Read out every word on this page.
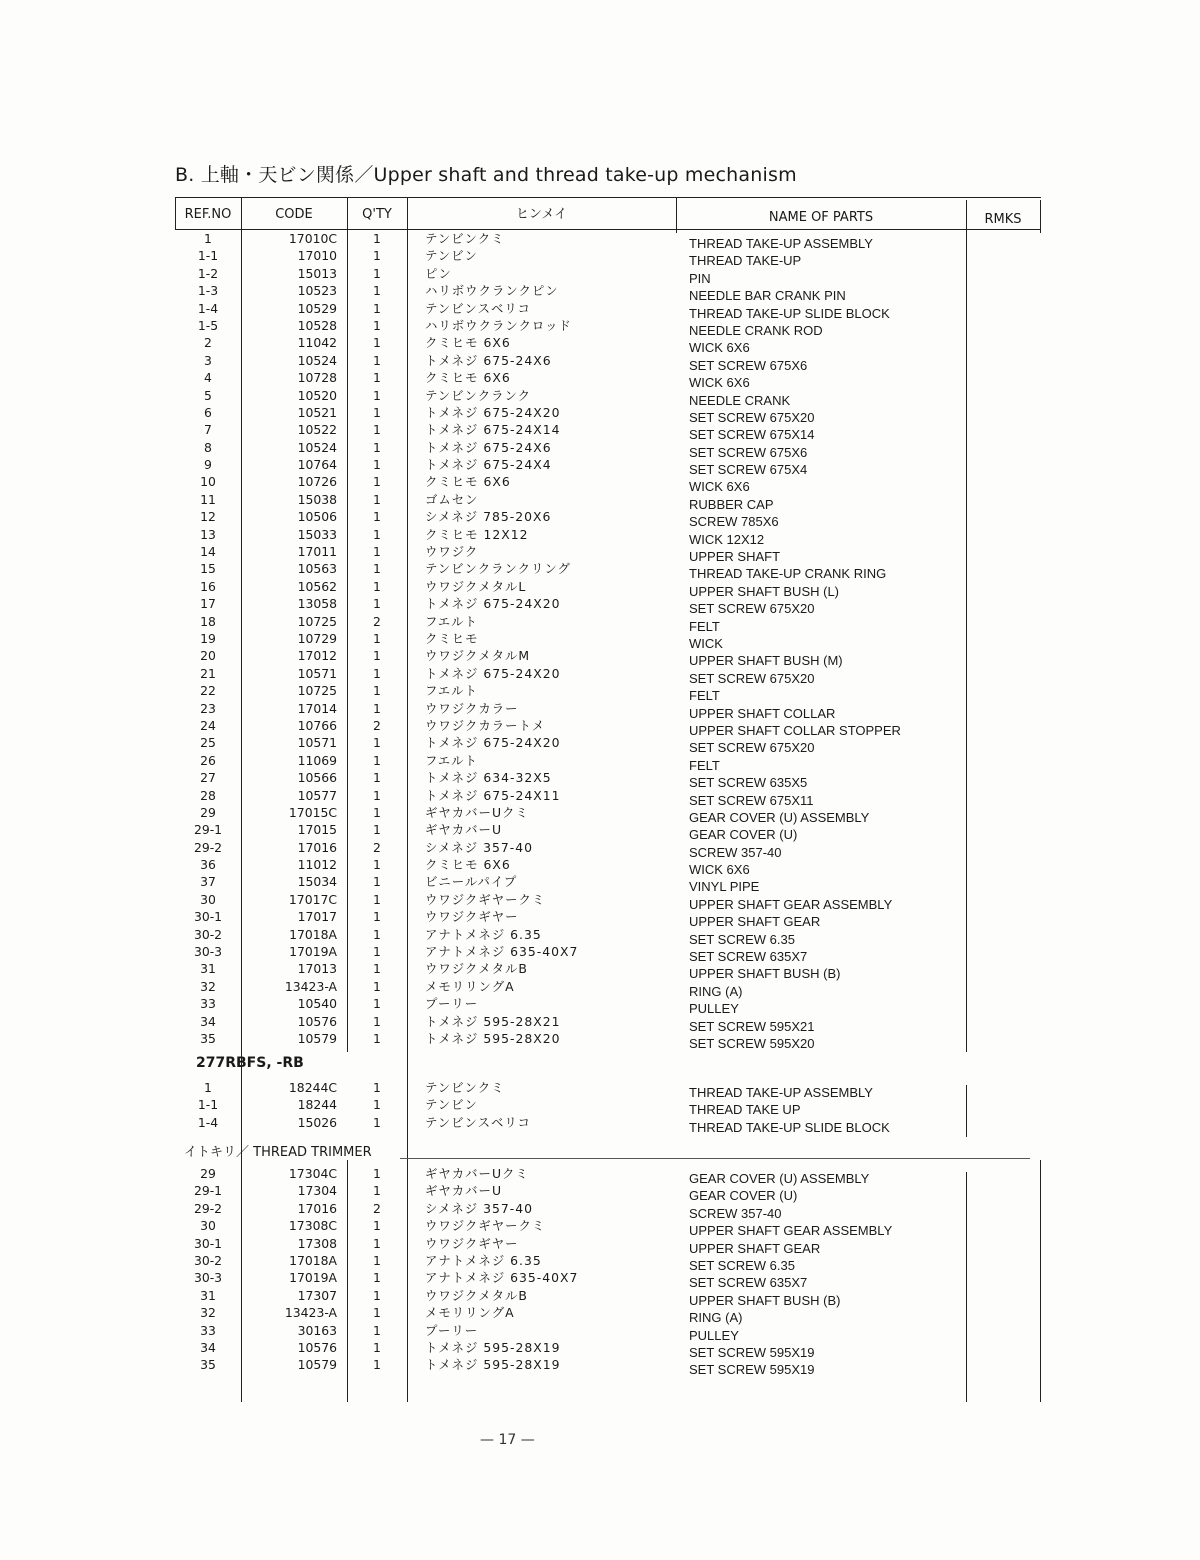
B. 上軸・天ビン関係／Upper shaft and thread take-up mechanism
REF.NO	CODE	Q'TY	ヒンメイ	NAME OF PARTS	RMKS
1	17010C	1	テンビンクミ	THREAD TAKE-UP ASSEMBLY
1-1	17010	1	テンビン	THREAD TAKE-UP
1-2	15013	1	ピン	PIN
1-3	10523	1	ハリボウクランクピン	NEEDLE BAR CRANK PIN
1-4	10529	1	テンビンスベリコ	THREAD TAKE-UP SLIDE BLOCK
1-5	10528	1	ハリボウクランクロッド	NEEDLE CRANK ROD
2	11042	1	クミヒモ 6X6	WICK 6X6
3	10524	1	トメネジ 675-24X6	SET SCREW 675X6
4	10728	1	クミヒモ 6X6	WICK 6X6
5	10520	1	テンビンクランク	NEEDLE CRANK
6	10521	1	トメネジ 675-24X20	SET SCREW 675X20
7	10522	1	トメネジ 675-24X14	SET SCREW 675X14
8	10524	1	トメネジ 675-24X6	SET SCREW 675X6
9	10764	1	トメネジ 675-24X4	SET SCREW 675X4
10	10726	1	クミヒモ 6X6	WICK 6X6
11	15038	1	ゴムセン	RUBBER CAP
12	10506	1	シメネジ 785-20X6	SCREW 785X6
13	15033	1	クミヒモ 12X12	WICK 12X12
14	17011	1	ウワジク	UPPER SHAFT
15	10563	1	テンビンクランクリング	THREAD TAKE-UP CRANK RING
16	10562	1	ウワジクメタルL	UPPER SHAFT BUSH (L)
17	13058	1	トメネジ 675-24X20	SET SCREW 675X20
18	10725	2	フエルト	FELT
19	10729	1	クミヒモ	WICK
20	17012	1	ウワジクメタルM	UPPER SHAFT BUSH (M)
21	10571	1	トメネジ 675-24X20	SET SCREW 675X20
22	10725	1	フエルト	FELT
23	17014	1	ウワジクカラー	UPPER SHAFT COLLAR
24	10766	2	ウワジクカラートメ	UPPER SHAFT COLLAR STOPPER
25	10571	1	トメネジ 675-24X20	SET SCREW 675X20
26	11069	1	フエルト	FELT
27	10566	1	トメネジ 634-32X5	SET SCREW 635X5
28	10577	1	トメネジ 675-24X11	SET SCREW 675X11
29	17015C	1	ギヤカバーUクミ	GEAR COVER (U) ASSEMBLY
29-1	17015	1	ギヤカバーU	GEAR COVER (U)
29-2	17016	2	シメネジ 357-40	SCREW 357-40
36	11012	1	クミヒモ 6X6	WICK 6X6
37	15034	1	ビニールパイプ	VINYL PIPE
30	17017C	1	ウワジクギヤークミ	UPPER SHAFT GEAR ASSEMBLY
30-1	17017	1	ウワジクギヤー	UPPER SHAFT GEAR
30-2	17018A	1	アナトメネジ 6.35	SET SCREW 6.35
30-3	17019A	1	アナトメネジ 635-40X7	SET SCREW 635X7
31	17013	1	ウワジクメタルB	UPPER SHAFT BUSH (B)
32	13423-A	1	メモリリングA	RING (A)
33	10540	1	プーリー	PULLEY
34	10576	1	トメネジ 595-28X21	SET SCREW 595X21
35	10579	1	トメネジ 595-28X20	SET SCREW 595X20
277RBFS, -RB
1	18244C	1	テンビンクミ	THREAD TAKE-UP ASSEMBLY
1-1	18244	1	テンビン	THREAD TAKE UP
1-4	15026	1	テンビンスベリコ	THREAD TAKE-UP SLIDE BLOCK
イトキリ／ THREAD TRIMMER
29	17304C	1	ギヤカバーUクミ	GEAR COVER (U) ASSEMBLY
29-1	17304	1	ギヤカバーU	GEAR COVER (U)
29-2	17016	2	シメネジ 357-40	SCREW 357-40
30	17308C	1	ウワジクギヤークミ	UPPER SHAFT GEAR ASSEMBLY
30-1	17308	1	ウワジクギヤー	UPPER SHAFT GEAR
30-2	17018A	1	アナトメネジ 6.35	SET SCREW 6.35
30-3	17019A	1	アナトメネジ 635-40X7	SET SCREW 635X7
31	17307	1	ウワジクメタルB	UPPER SHAFT BUSH (B)
32	13423-A	1	メモリリングA	RING (A)
33	30163	1	プーリー	PULLEY
34	10576	1	トメネジ 595-28X19	SET SCREW 595X19
35	10579	1	トメネジ 595-28X19	SET SCREW 595X19
— 17 —
